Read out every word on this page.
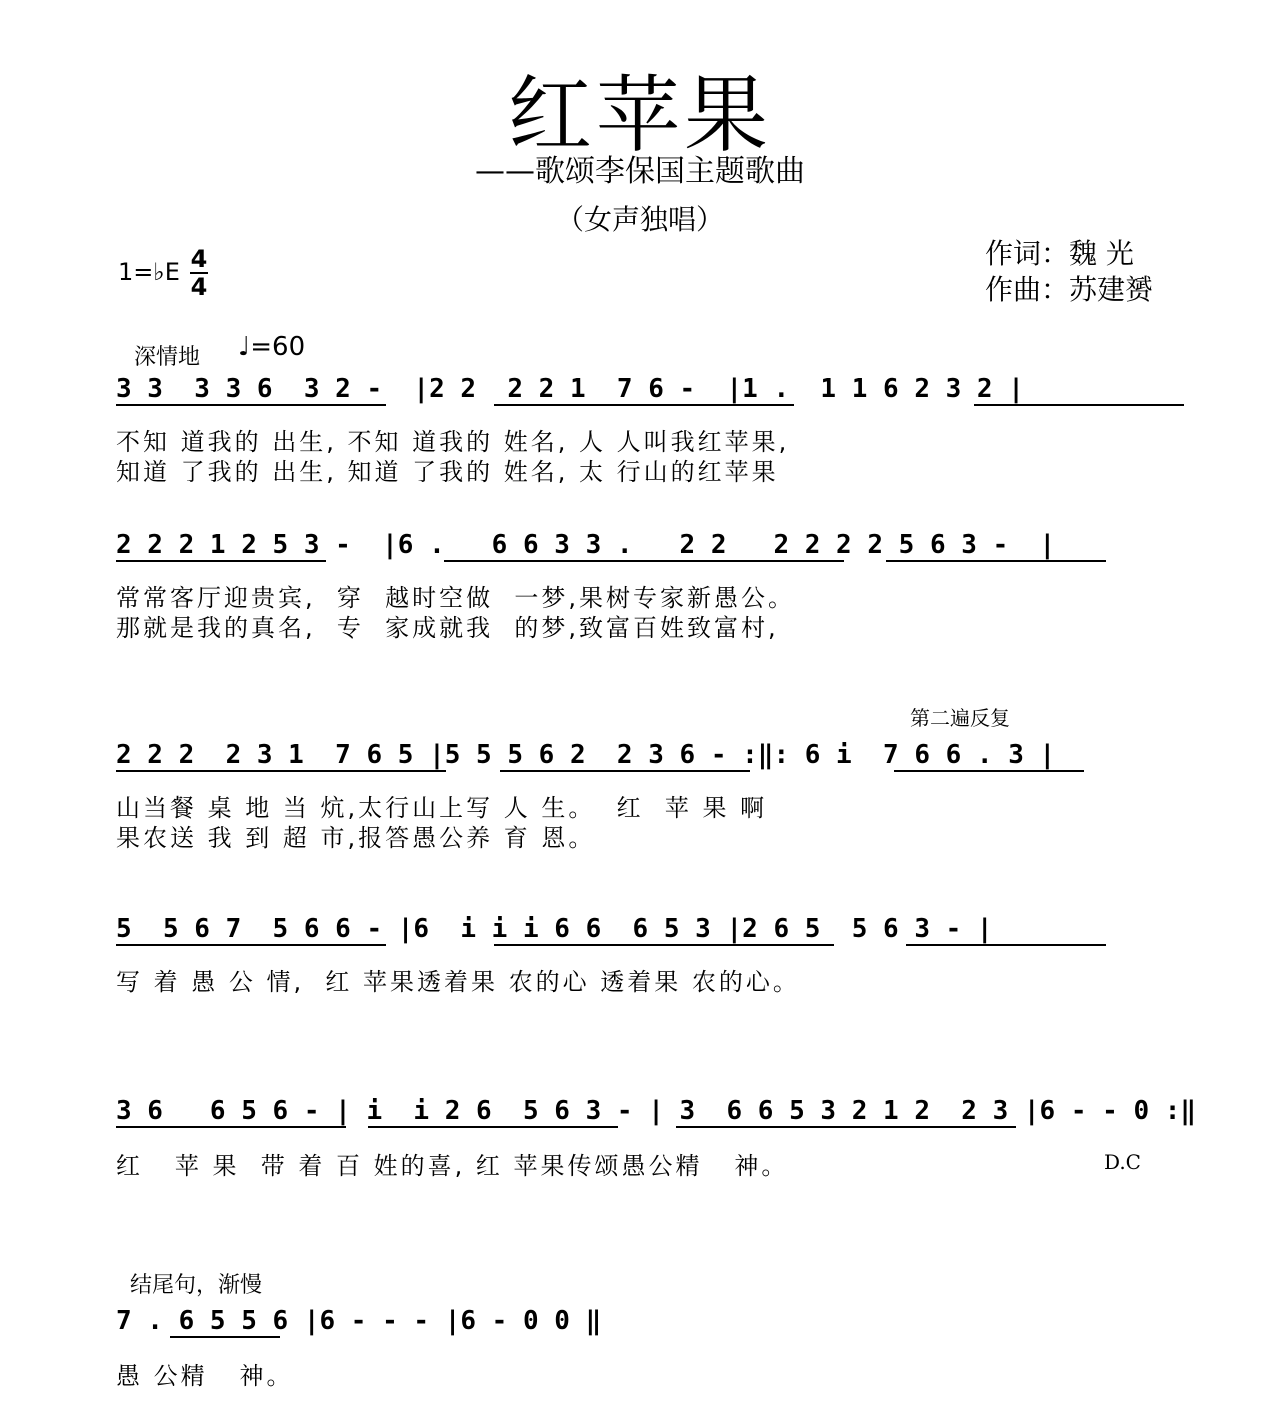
红苹果
——歌颂李保国主题歌曲
（女声独唱）
作词：魏 光
作曲：苏建赟
1=♭E 4
4
深情地 ♩=60
3 3  3 3 6  3 2 -  |2 2  2 2 1  7 6 -  |1 .  1 1 6 2 3 2 |
不知 道我的 出生, 不知 道我的 姓名, 人 人叫我红苹果,
知道 了我的 出生, 知道 了我的 姓名, 太 行山的红苹果
2 2 2 1 2 5 3 -  |6 .   6 6 3 3 .   2 2   2 2 2 2 5 6 3 -  |
常常客厅迎贵宾,  穿  越时空做  一梦,果树专家新愚公。
那就是我的真名,  专  家成就我  的梦,致富百姓致富村,
第二遍反复
2 2 2  2 3 1  7 6 5 |5 5 5 6 2  2 3 6 - :‖: 6 i  7 6 6 . 3 |
山当餐 桌 地 当 炕,太行山上写 人 生。  红  苹 果 啊
果农送 我 到 超 市,报答愚公养 育 恩。
5  5 6 7  5 6 6 - |6  i i i 6 6  6 5 3 |2 6 5  5 6 3 - |
写 着 愚 公 情,  红 苹果透着果 农的心 透着果 农的心。
3 6   6 5 6 - | i  i 2 6  5 6 3 - | 3  6 6 5 3 2 1 2  2 3 |6 - - 0 :‖
红   苹 果  带 着 百 姓的喜, 红 苹果传颂愚公精   神。	D.C
结尾句，渐慢
7 . 6 5 5 6 |6 - - - |6 - 0 0 ‖
愚 公精   神。
